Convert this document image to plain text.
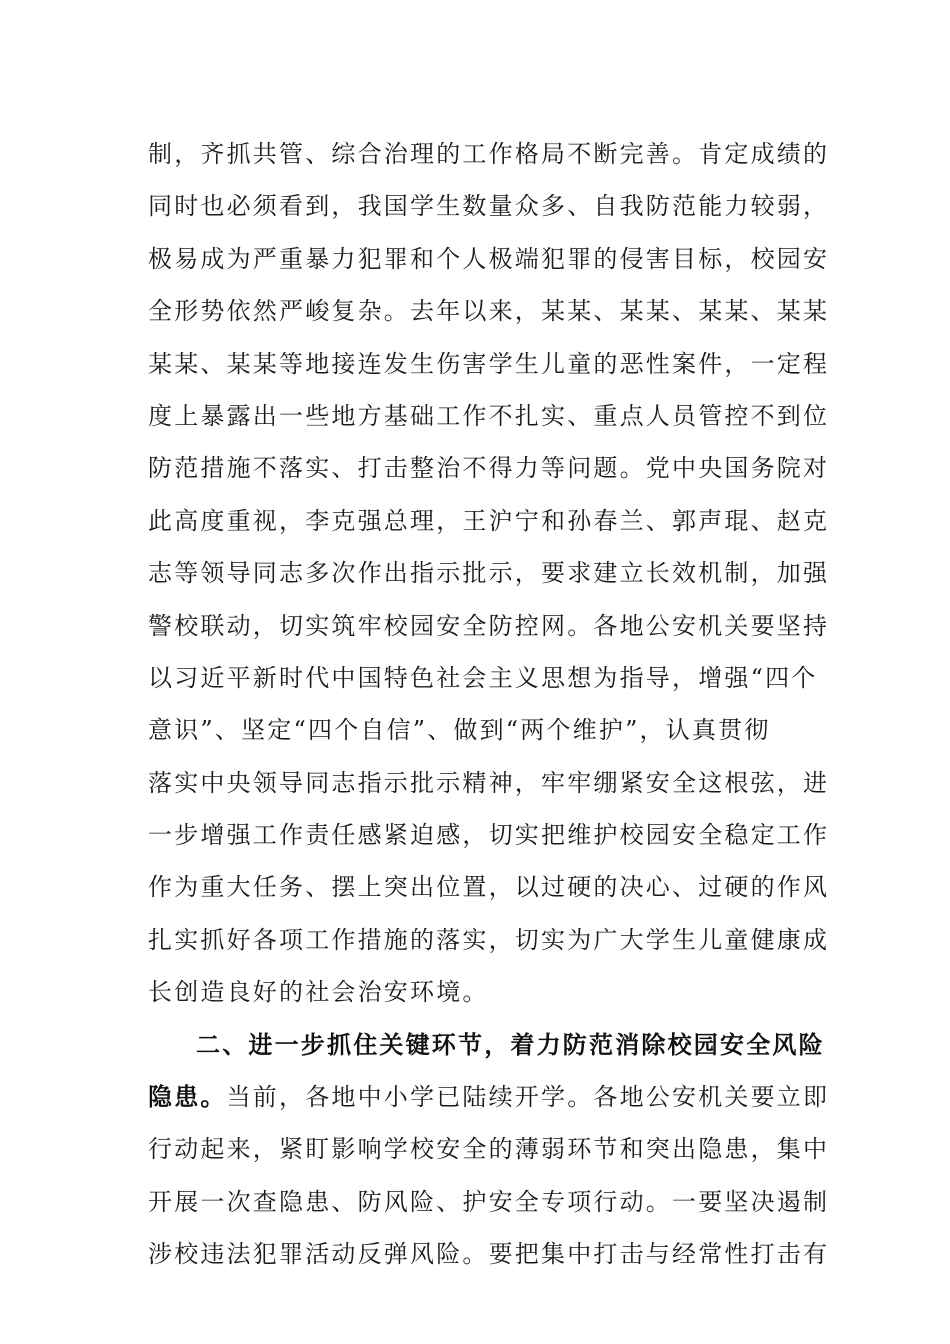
制，齐抓共管、综合治理的工作格局不断完善。肯定成绩的
同时也必须看到，我国学生数量众多、自我防范能力较弱，
极易成为严重暴力犯罪和个人极端犯罪的侵害目标，校园安
全形势依然严峻复杂。去年以来，某某、某某、某某、某某
某某、某某等地接连发生伤害学生儿童的恶性案件，一定程
度上暴露出一些地方基础工作不扎实、重点人员管控不到位
防范措施不落实、打击整治不得力等问题。党中央国务院对
此高度重视，李克强总理，王沪宁和孙春兰、郭声琨、赵克
志等领导同志多次作出指示批示，要求建立长效机制，加强
警校联动，切实筑牢校园安全防控网。各地公安机关要坚持
以习近平新时代中国特色社会主义思想为指导，增强“四个
意识”、坚定“四个自信”、做到“两个维护”，认真贯彻
落实中央领导同志指示批示精神，牢牢绷紧安全这根弦，进
一步增强工作责任感紧迫感，切实把维护校园安全稳定工作
作为重大任务、摆上突出位置，以过硬的决心、过硬的作风
扎实抓好各项工作措施的落实，切实为广大学生儿童健康成
长创造良好的社会治安环境。
二、进一步抓住关键环节，着力防范消除校园安全风险
隐患。当前，各地中小学已陆续开学。各地公安机关要立即
行动起来，紧盯影响学校安全的薄弱环节和突出隐患，集中
开展一次查隐患、防风险、护安全专项行动。一要坚决遏制
涉校违法犯罪活动反弹风险。要把集中打击与经常性打击有
